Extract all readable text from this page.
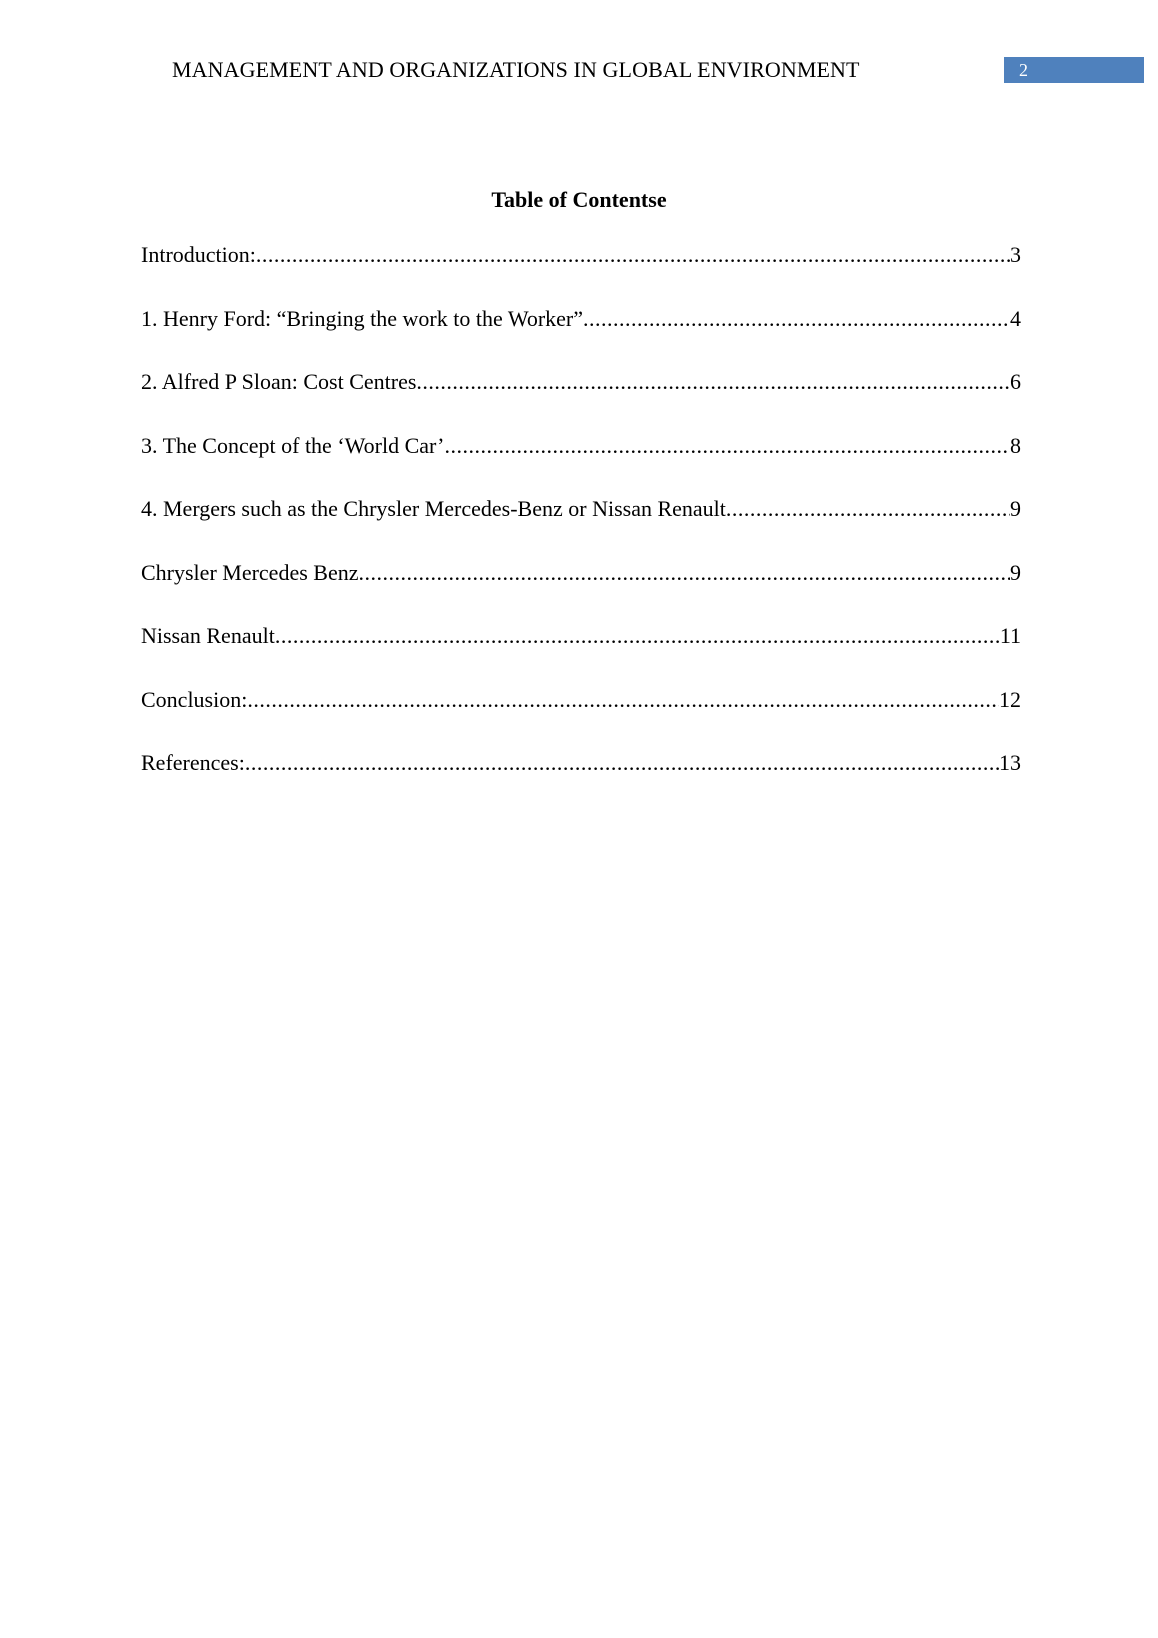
MANAGEMENT AND ORGANIZATIONS IN GLOBAL ENVIRONMENT	2
Table of Contentse
Introduction: .....	3
1. Henry Ford: “Bringing the work to the Worker” .....	4
2. Alfred P Sloan: Cost Centres .....	6
3. The Concept of the ‘World Car’ .....	8
4. Mergers such as the Chrysler Mercedes-Benz or Nissan Renault .....	9
Chrysler Mercedes Benz .....	9
Nissan Renault .....	11
Conclusion: .....	12
References: .....	13
